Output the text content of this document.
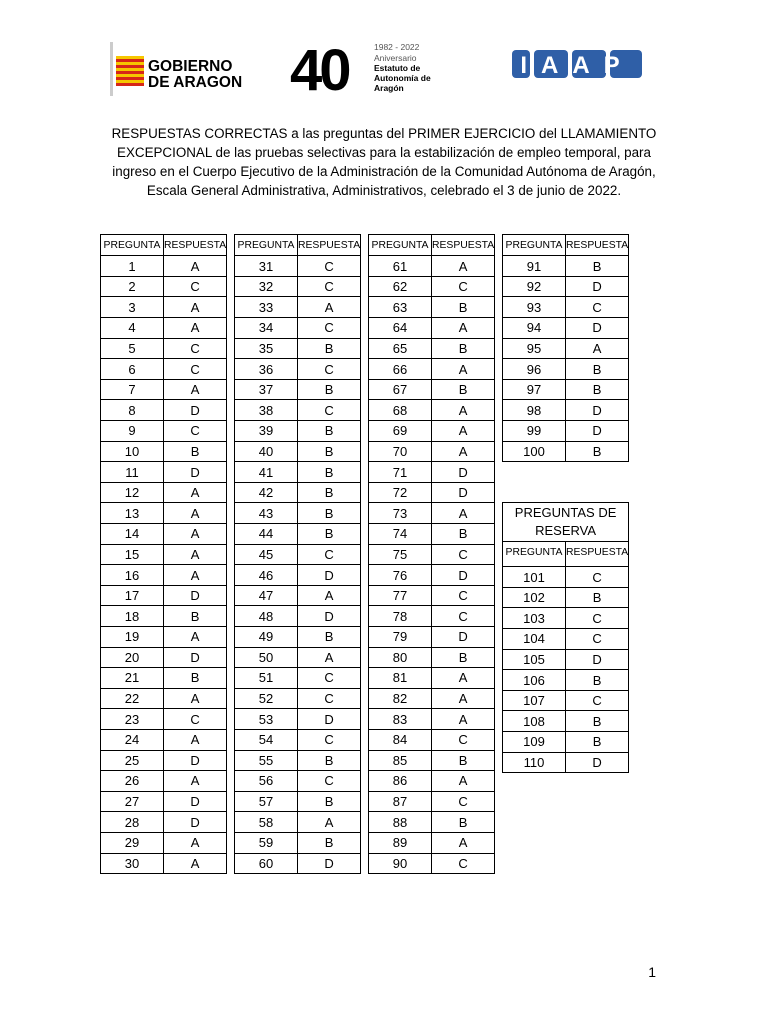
GOBIERNO
DE ARAGON 40	1982 - 2022
Aniversario
Estatuto de
Autonomía de
Aragón
IAAP

RESPUESTAS CORRECTAS a las preguntas del PRIMER EJERCICIO del LLAMAMIENTO EXCEPCIONAL de las pruebas selectivas para la estabilización de empleo temporal, para ingreso en el Cuerpo Ejecutivo de la Administración de la Comunidad Autónoma de Aragón, Escala General Administrativa, Administrativos, celebrado el 3 de junio de 2022.

PREGUNTA	RESPUESTA
1	A
2	C
3	A
4	A
5	C
6	C
7	A
8	D
9	C
10	B
11	D
12	A
13	A
14	A
15	A
16	A
17	D
18	B
19	A
20	D
21	B
22	A
23	C
24	A
25	D
26	A
27	D
28	D
29	A
30	A
PREGUNTA	RESPUESTA
31	C
32	C
33	A
34	C
35	B
36	C
37	B
38	C
39	B
40	B
41	B
42	B
43	B
44	B
45	C
46	D
47	A
48	D
49	B
50	A
51	C
52	C
53	D
54	C
55	B
56	C
57	B
58	A
59	B
60	D
PREGUNTA	RESPUESTA
61	A
62	C
63	B
64	A
65	B
66	A
67	B
68	A
69	A
70	A
71	D
72	D
73	A
74	B
75	C
76	D
77	C
78	C
79	D
80	B
81	A
82	A
83	A
84	C
85	B
86	A
87	C
88	B
89	A
90	C
PREGUNTA	RESPUESTA
91	B
92	D
93	C
94	D
95	A
96	B
97	B
98	D
99	D
100	B
PREGUNTAS DE RESERVA	
PREGUNTA	RESPUESTA

101	C
102	B
103	C
104	C
105	D
106	B
107	C
108	B
109	B
110	D
1
